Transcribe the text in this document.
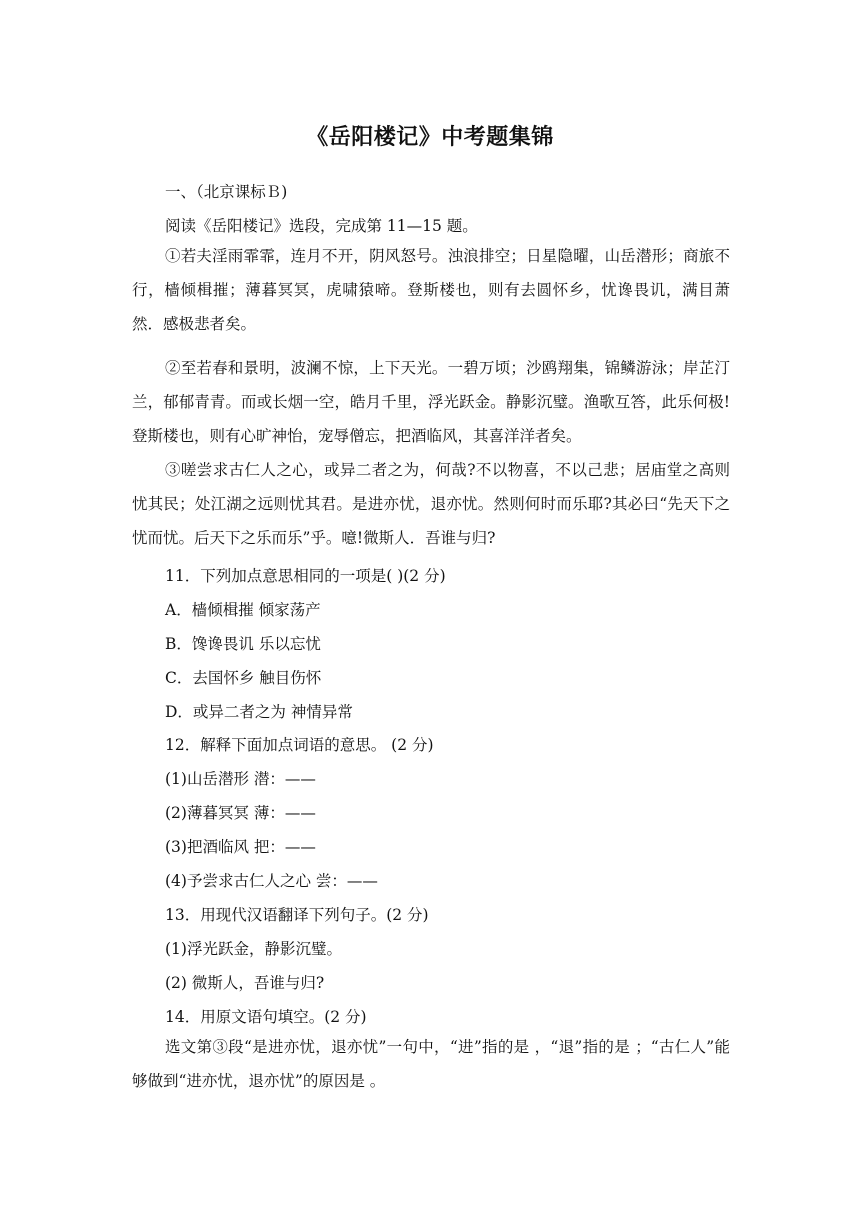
《岳阳楼记》中考题集锦
一、（北京课标Ｂ)
阅读《岳阳楼记》选段，完成第 11—15 题。

①若夫淫雨霏霏，连月不开，阴风怒号。浊浪排空；日星隐曜，山岳潜形；商旅不行，樯倾楫摧；薄暮冥冥，虎啸猿啼。登斯楼也，则有去圆怀乡，忧谗畏讥，满目萧然．感极悲者矣。

②至若春和景明，波澜不惊，上下天光。一碧万顷；沙鸥翔集，锦鳞游泳；岸芷汀兰，郁郁青青。而或长烟一空，皓月千里，浮光跃金。静影沉璧。渔歌互答，此乐何极!登斯楼也，则有心旷神怡，宠辱僧忘，把酒临风，其喜洋洋者矣。

③嗟尝求古仁人之心，或异二者之为，何哉?不以物喜，不以己悲；居庙堂之高则忧其民；处江湖之远则忧其君。是进亦忧，退亦忧。然则何时而乐耶?其必曰“先天下之忧而忧。后天下之乐而乐”乎。噫!微斯人．吾谁与归?

11．下列加点意思相同的一项是( )(2 分)
A．樯倾楫摧 倾家荡产
B．馋谗畏讥 乐以忘忧
C．去国怀乡 触目伤怀
D．或异二者之为 神情异常
12．解释下面加点词语的意思。 (2 分)
(1)山岳潜形 潜：——
(2)薄暮冥冥 薄：——
(3)把酒临风 把：——
(4)予尝求古仁人之心 尝：——
13．用现代汉语翻译下列句子。(2 分)
(1)浮光跃金，静影沉璧。
(2) 微斯人，吾谁与归?
14．用原文语句填空。(2 分)

选文第③段“是进亦忧，退亦忧”一句中，“进”指的是 ，“退”指的是 ；“古仁人”能够做到“进亦忧，退亦忧”的原因是 。
